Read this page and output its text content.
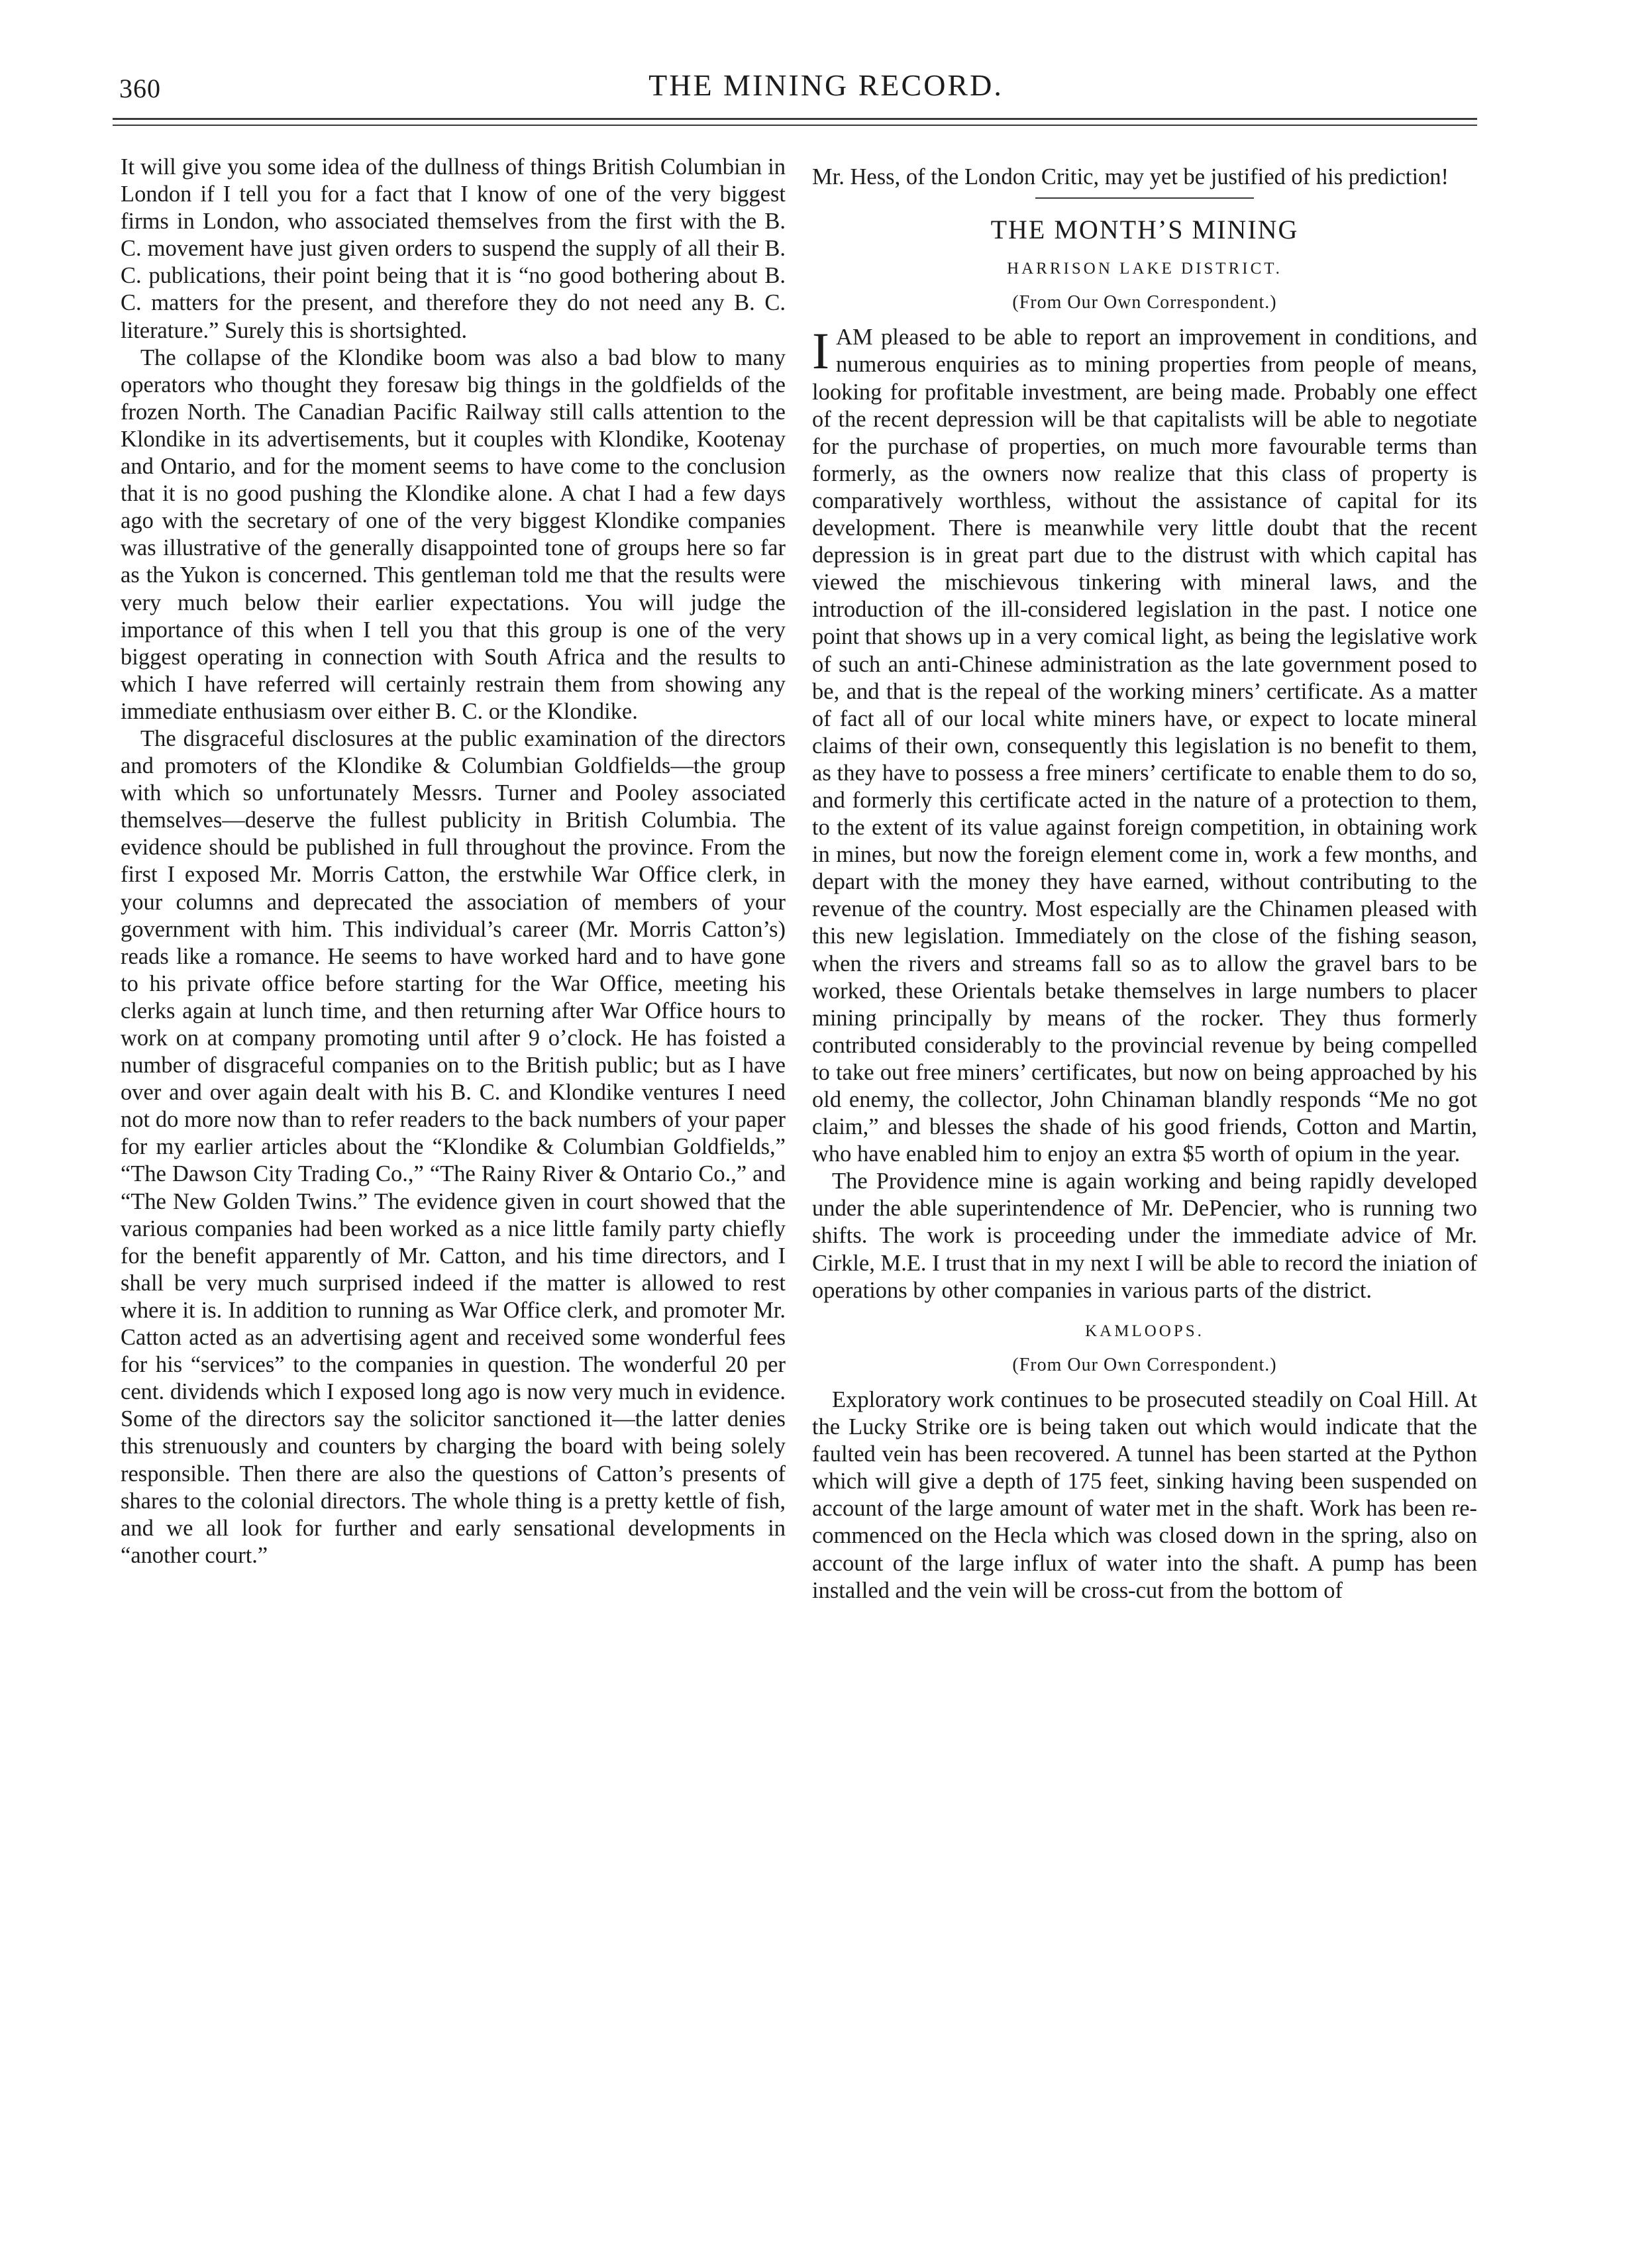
360	THE MINING RECORD.

It will give you some idea of the dullness of things British Columbian in London if I tell you for a fact that I know of one of the very biggest firms in London, who associated themselves from the first with the B. C. movement have just given orders to suspend the supply of all their B. C. publications, their point being that it is “no good bothering about B. C. matters for the present, and therefore they do not need any B. C. literature.” Surely this is shortsighted.

The collapse of the Klondike boom was also a bad blow to many operators who thought they foresaw big things in the goldfields of the frozen North. The Canadian Pacific Railway still calls attention to the Klondike in its advertisements, but it couples with Klondike, Kootenay and Ontario, and for the moment seems to have come to the conclusion that it is no good pushing the Klondike alone. A chat I had a few days ago with the secretary of one of the very biggest Klondike companies was illustrative of the generally disappointed tone of groups here so far as the Yukon is concerned. This gentleman told me that the results were very much below their earlier expectations. You will judge the importance of this when I tell you that this group is one of the very biggest operating in connection with South Africa and the results to which I have referred will certainly restrain them from showing any immediate enthusiasm over either B. C. or the Klondike.

The disgraceful disclosures at the public examination of the directors and promoters of the Klondike & Columbian Goldfields—the group with which so unfortunately Messrs. Turner and Pooley associated themselves—deserve the fullest publicity in British Columbia. The evidence should be published in full throughout the province. From the first I exposed Mr. Morris Catton, the erstwhile War Office clerk, in your columns and deprecated the association of members of your government with him. This individual’s career (Mr. Morris Catton’s) reads like a romance. He seems to have worked hard and to have gone to his private office before starting for the War Office, meeting his clerks again at lunch time, and then returning after War Office hours to work on at company promoting until after 9 o’clock. He has foisted a number of disgraceful companies on to the British public; but as I have over and over again dealt with his B. C. and Klondike ventures I need not do more now than to refer readers to the back numbers of your paper for my earlier articles about the “Klondike & Columbian Goldfields,” “The Dawson City Trading Co.,” “The Rainy River & Ontario Co.,” and “The New Golden Twins.” The evidence given in court showed that the various companies had been worked as a nice little family party chiefly for the benefit apparently of Mr. Catton, and his time directors, and I shall be very much surprised indeed if the matter is allowed to rest where it is. In addition to running as War Office clerk, and promoter Mr. Catton acted as an advertising agent and received some wonderful fees for his “services” to the companies in question. The wonderful 20 per cent. dividends which I exposed long ago is now very much in evidence. Some of the directors say the solicitor sanctioned it—the latter denies this strenuously and counters by charging the board with being solely responsible. Then there are also the questions of Catton’s presents of shares to the colonial directors. The whole thing is a pretty kettle of fish, and we all look for further and early sensational developments in “another court.”

Mr. Hess, of the London Critic, may yet be justified of his prediction!

THE MONTH’S MINING
HARRISON LAKE DISTRICT.
(From Our Own Correspondent.)

IAM pleased to be able to report an improvement in conditions, and numerous enquiries as to mining properties from people of means, looking for profitable investment, are being made. Probably one effect of the recent depression will be that capitalists will be able to negotiate for the purchase of properties, on much more favourable terms than formerly, as the owners now realize that this class of property is comparatively worthless, without the assistance of capital for its development. There is meanwhile very little doubt that the recent depression is in great part due to the distrust with which capital has viewed the mischievous tinkering with mineral laws, and the introduction of the ill-considered legislation in the past. I notice one point that shows up in a very comical light, as being the legislative work of such an anti-Chinese administration as the late government posed to be, and that is the repeal of the working miners’ certificate. As a matter of fact all of our local white miners have, or expect to locate mineral claims of their own, consequently this legislation is no benefit to them, as they have to possess a free miners’ certificate to enable them to do so, and formerly this certificate acted in the nature of a protection to them, to the extent of its value against foreign competition, in obtaining work in mines, but now the foreign element come in, work a few months, and depart with the money they have earned, without contributing to the revenue of the country. Most especially are the Chinamen pleased with this new legislation. Immediately on the close of the fishing season, when the rivers and streams fall so as to allow the gravel bars to be worked, these Orientals betake themselves in large numbers to placer mining principally by means of the rocker. They thus formerly contributed considerably to the provincial revenue by being compelled to take out free miners’ certificates, but now on being approached by his old enemy, the collector, John Chinaman blandly responds “Me no got claim,” and blesses the shade of his good friends, Cotton and Martin, who have enabled him to enjoy an extra $5 worth of opium in the year.

The Providence mine is again working and being rapidly developed under the able superintendence of Mr. DePencier, who is running two shifts. The work is proceeding under the immediate advice of Mr. Cirkle, M.E. I trust that in my next I will be able to record the iniation of operations by other companies in various parts of the district.

KAMLOOPS.
(From Our Own Correspondent.)

Exploratory work continues to be prosecuted steadily on Coal Hill. At the Lucky Strike ore is being taken out which would indicate that the faulted vein has been recovered. A tunnel has been started at the Python which will give a depth of 175 feet, sinking having been suspended on account of the large amount of water met in the shaft. Work has been re-commenced on the Hecla which was closed down in the spring, also on account of the large influx of water into the shaft. A pump has been installed and the vein will be cross-cut from the bottom of
